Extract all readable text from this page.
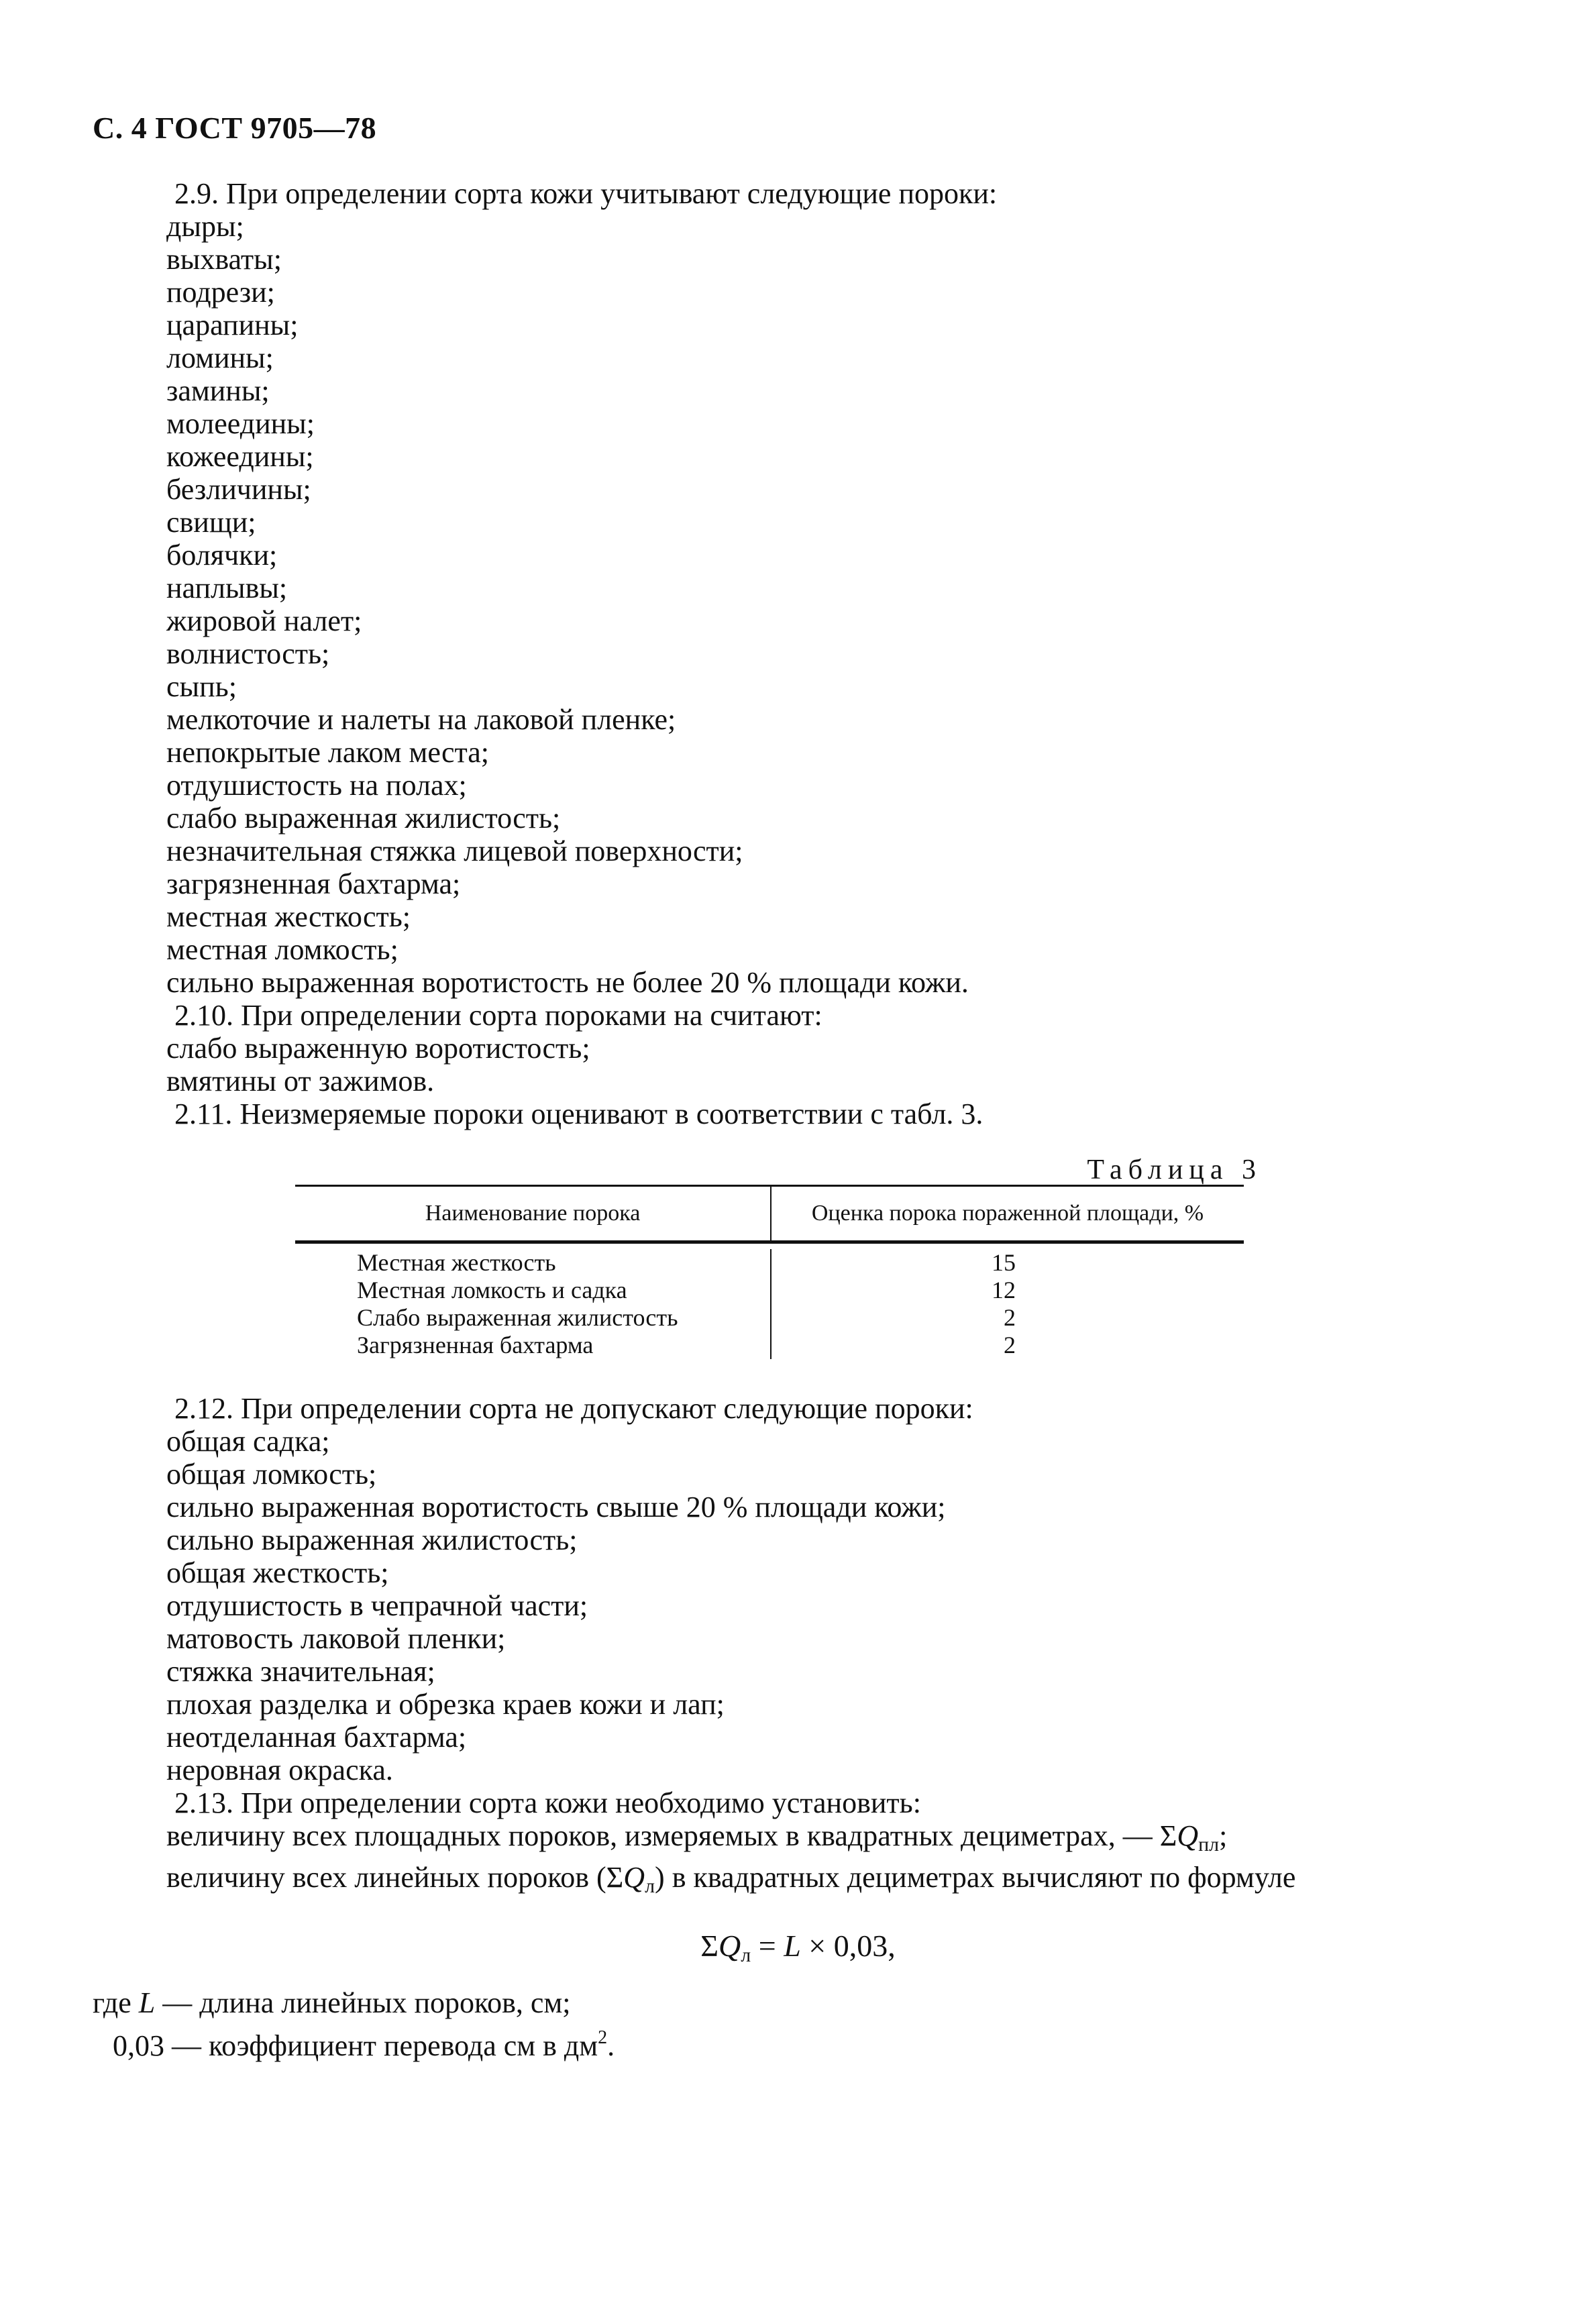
С. 4 ГОСТ 9705—78

2.9. При определении сорта кожи учитывают следующие пороки:

дыры;

выхваты;

подрези;

царапины;

ломины;

замины;

молеедины;

кожеедины;

безличины;

свищи;

болячки;

наплывы;

жировой налет;

волнистость;

сыпь;

мелкоточие и налеты на лаковой пленке;

непокрытые лаком места;

отдушистость на полах;

слабо выраженная жилистость;

незначительная стяжка лицевой поверхности;

загрязненная бахтарма;

местная жесткость;

местная ломкость;

сильно выраженная воротистость не более 20 % площади кожи.

2.10. При определении сорта пороками на считают:

слабо выраженную воротистость;

вмятины от зажимов.

2.11. Неизмеряемые пороки оценивают в соответствии с табл. 3.

Таблица 3
Наименование порока	Оценка порока пораженной площади, %
Местная жесткость
Местная ломкость и садка
Слабо выраженная жилистость
Загрязненная бахтарма
15
12
2
2

2.12. При определении сорта не допускают следующие пороки:

общая садка;

общая ломкость;

сильно выраженная воротистость свыше 20 % площади кожи;

сильно выраженная жилистость;

общая жесткость;

отдушистость в чепрачной части;

матовость лаковой пленки;

стяжка значительная;

плохая разделка и обрезка краев кожи и лап;

неотделанная бахтарма;

неровная окраска.

2.13. При определении сорта кожи необходимо установить:

величину всех площадных пороков, измеряемых в квадратных дециметрах, — $\Sigma Q_{пл}$;

величину всех линейных пороков $(\Sigma Q_л)$ в квадратных дециметрах вычисляют по формуле

$\Sigma Q_л = L \times 0,03$,
где L — длина линейных пороков, см;
0,03 — коэффициент перевода см в $дм^2$.
